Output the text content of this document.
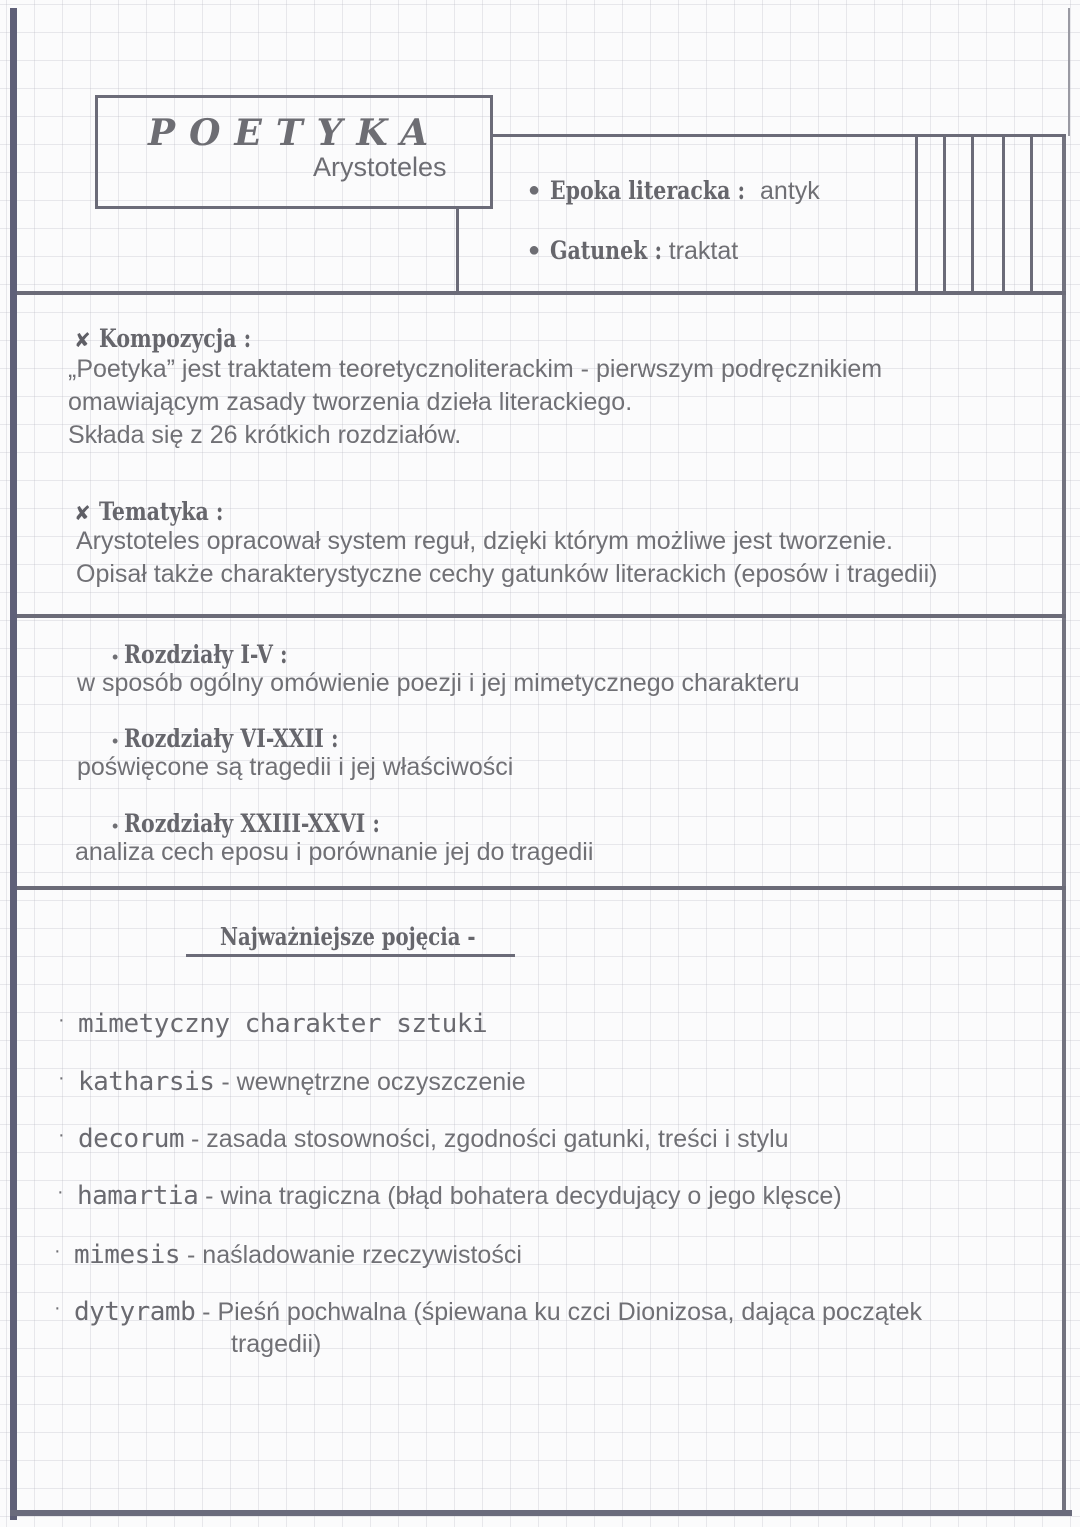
POETYKA
Arystoteles
● Epoka literacka : antyk
● Gatunek : traktat
✘ Kompozycja :
„Poetyka” jest traktatem teoretycznoliterackim - pierwszym podręcznikiem
omawiającym zasady tworzenia dzieła literackiego.
Składa się z 26 krótkich rozdziałów.
✘ Tematyka :
Arystoteles opracował system reguł, dzięki którym możliwe jest tworzenie.
Opisał także charakterystyczne cechy gatunków literackich (eposów i tragedii)
• Rozdziały I-V :
w sposób ogólny omówienie poezji i jej mimetycznego charakteru
• Rozdziały VI-XXII :
poświęcone są tragedii i jej właściwości
• Rozdziały XXIII-XXVI :
analiza cech eposu i porównanie jej do tragedii
Najważniejsze pojęcia -
· mimetyczny charakter sztuki
· katharsis - wewnętrzne oczyszczenie
· decorum - zasada stosowności, zgodności gatunki, treści i stylu
· hamartia - wina tragiczna (błąd bohatera decydujący o jego klęsce)
· mimesis - naśladowanie rzeczywistości
· dytyramb - Pieśń pochwalna (śpiewana ku czci Dionizosa, dająca początek
tragedii)
